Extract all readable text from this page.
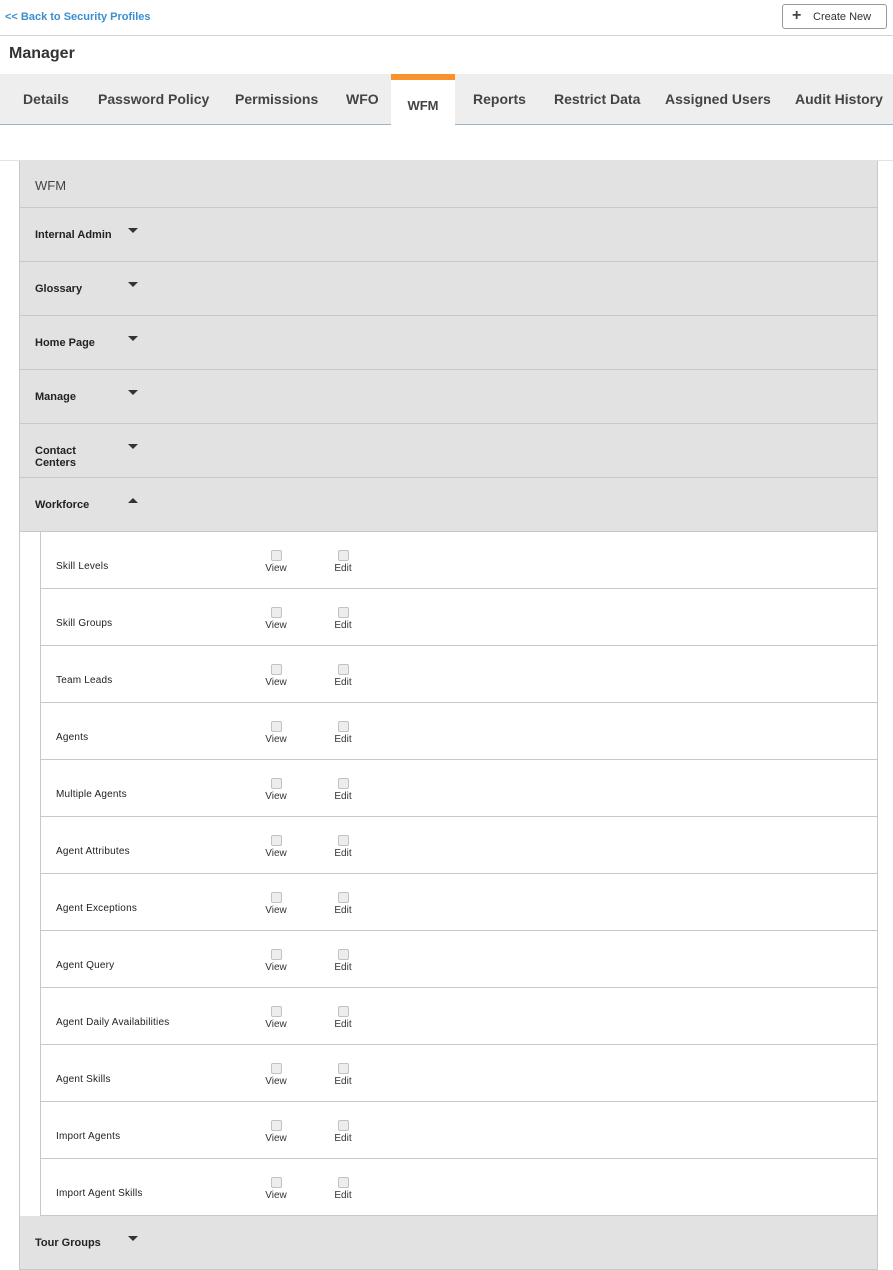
<< Back to Security Profiles	+ Create New
Manager
Details Password Policy Permissions WFO	WFM	Reports Restrict Data Assigned Users Audit History
WFM
Internal Admin
Glossary
Home Page
Manage
Contact
Centers
Workforce
Skill Levels	View	Edit
Skill Groups	View	Edit
Team Leads	View	Edit
Agents	View	Edit
Multiple Agents	View	Edit
Agent Attributes	View	Edit
Agent Exceptions	View	Edit
Agent Query	View	Edit
Agent Daily Availabilities	View	Edit
Agent Skills	View	Edit
Import Agents	View	Edit
Import Agent Skills	View	Edit
Tour Groups
